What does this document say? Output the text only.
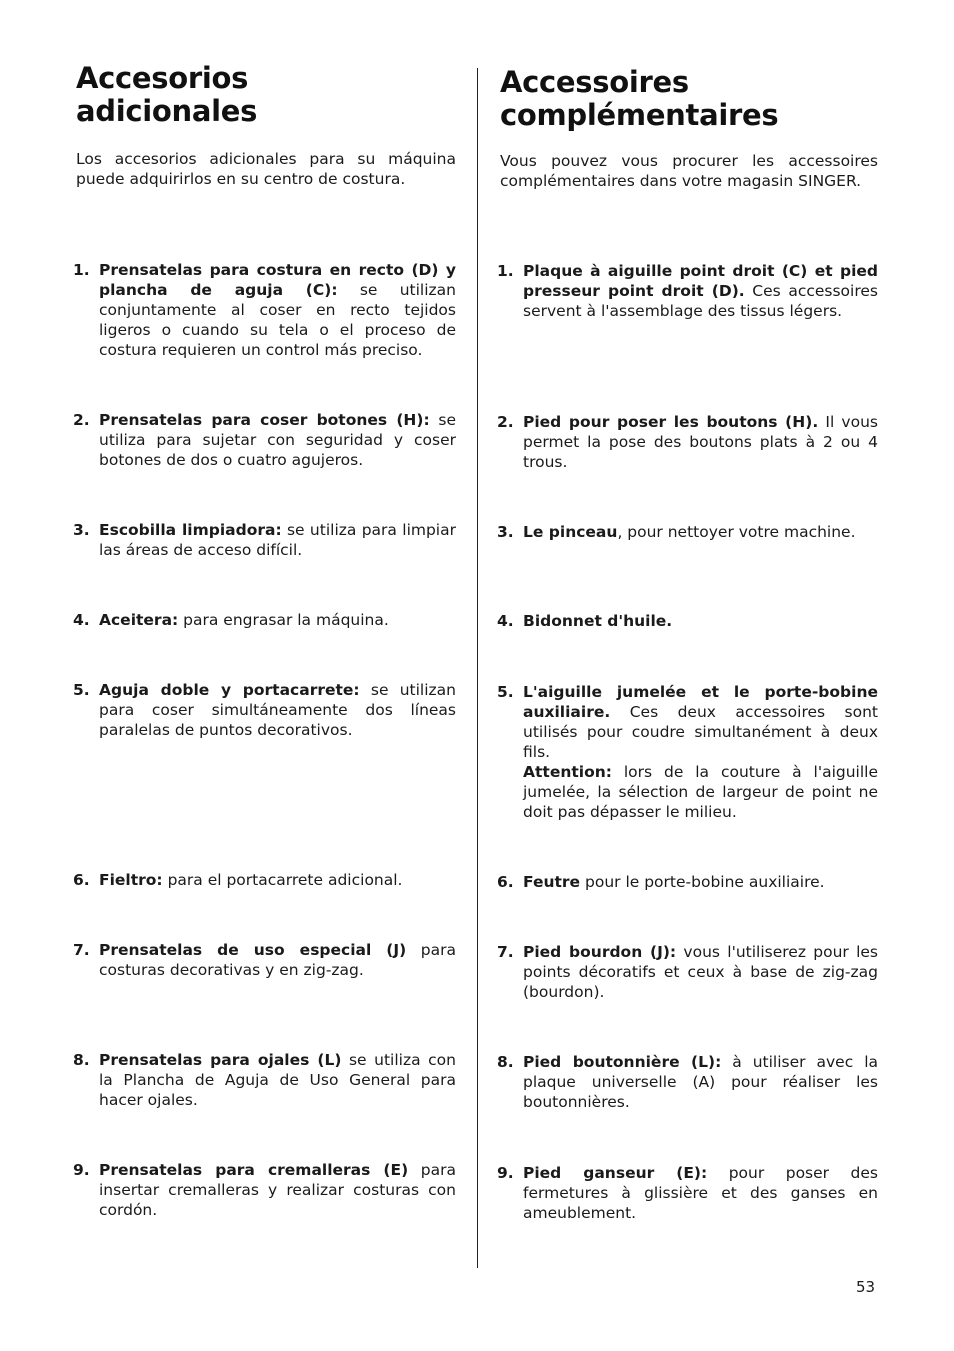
Accesorios
adicionales

Los accesorios adicionales para su máquina puede adquirirlos en su centro de costura.

1. Prensatelas para costura en recto (D) y plancha de aguja (C): se utilizan conjuntamente al coser en recto tejidos ligeros o cuando su tela o el proceso de costura requieren un control más preciso.
2. Prensatelas para coser botones (H): se utiliza para sujetar con seguridad y coser botones de dos o cuatro agujeros.
3. Escobilla limpiadora: se utiliza para limpiar las áreas de acceso difícil.
4. Aceitera: para engrasar la máquina.
5. Aguja doble y portacarrete: se utilizan para coser simultáneamente dos líneas paralelas de puntos decorativos.
6. Fieltro: para el portacarrete adicional.
7. Prensatelas de uso especial (J) para costuras decorativas y en zig-zag.
8. Prensatelas para ojales (L) se utiliza con la Plancha de Aguja de Uso General para hacer ojales.
9. Prensatelas para cremalleras (E) para insertar cremalleras y realizar costuras con cordón.
Accessoires
complémentaires

Vous pouvez vous procurer les accessoires complémentaires dans votre magasin SINGER.

1. Plaque à aiguille point droit (C) et pied presseur point droit (D). Ces accessoires servent à l'assemblage des tissus légers.
2. Pied pour poser les boutons (H). Il vous permet la pose des boutons plats à 2 ou 4 trous.
3. Le pinceau, pour nettoyer votre machine.
4. Bidonnet d'huile.
5. L'aiguille jumelée et le porte-bobine auxiliaire. Ces deux accessoires sont utilisés pour coudre simultanément à deux fils.
Attention: lors de la couture à l'aiguille jumelée, la sélection de largeur de point ne doit pas dépasser le milieu.
6. Feutre pour le porte-bobine auxiliaire.
7. Pied bourdon (J): vous l'utiliserez pour les points décoratifs et ceux à base de zig-zag (bourdon).
8. Pied boutonnière (L): à utiliser avec la plaque universelle (A) pour réaliser les boutonnières.
9. Pied ganseur (E): pour poser des fermetures à glissière et des ganses en ameublement.
53
